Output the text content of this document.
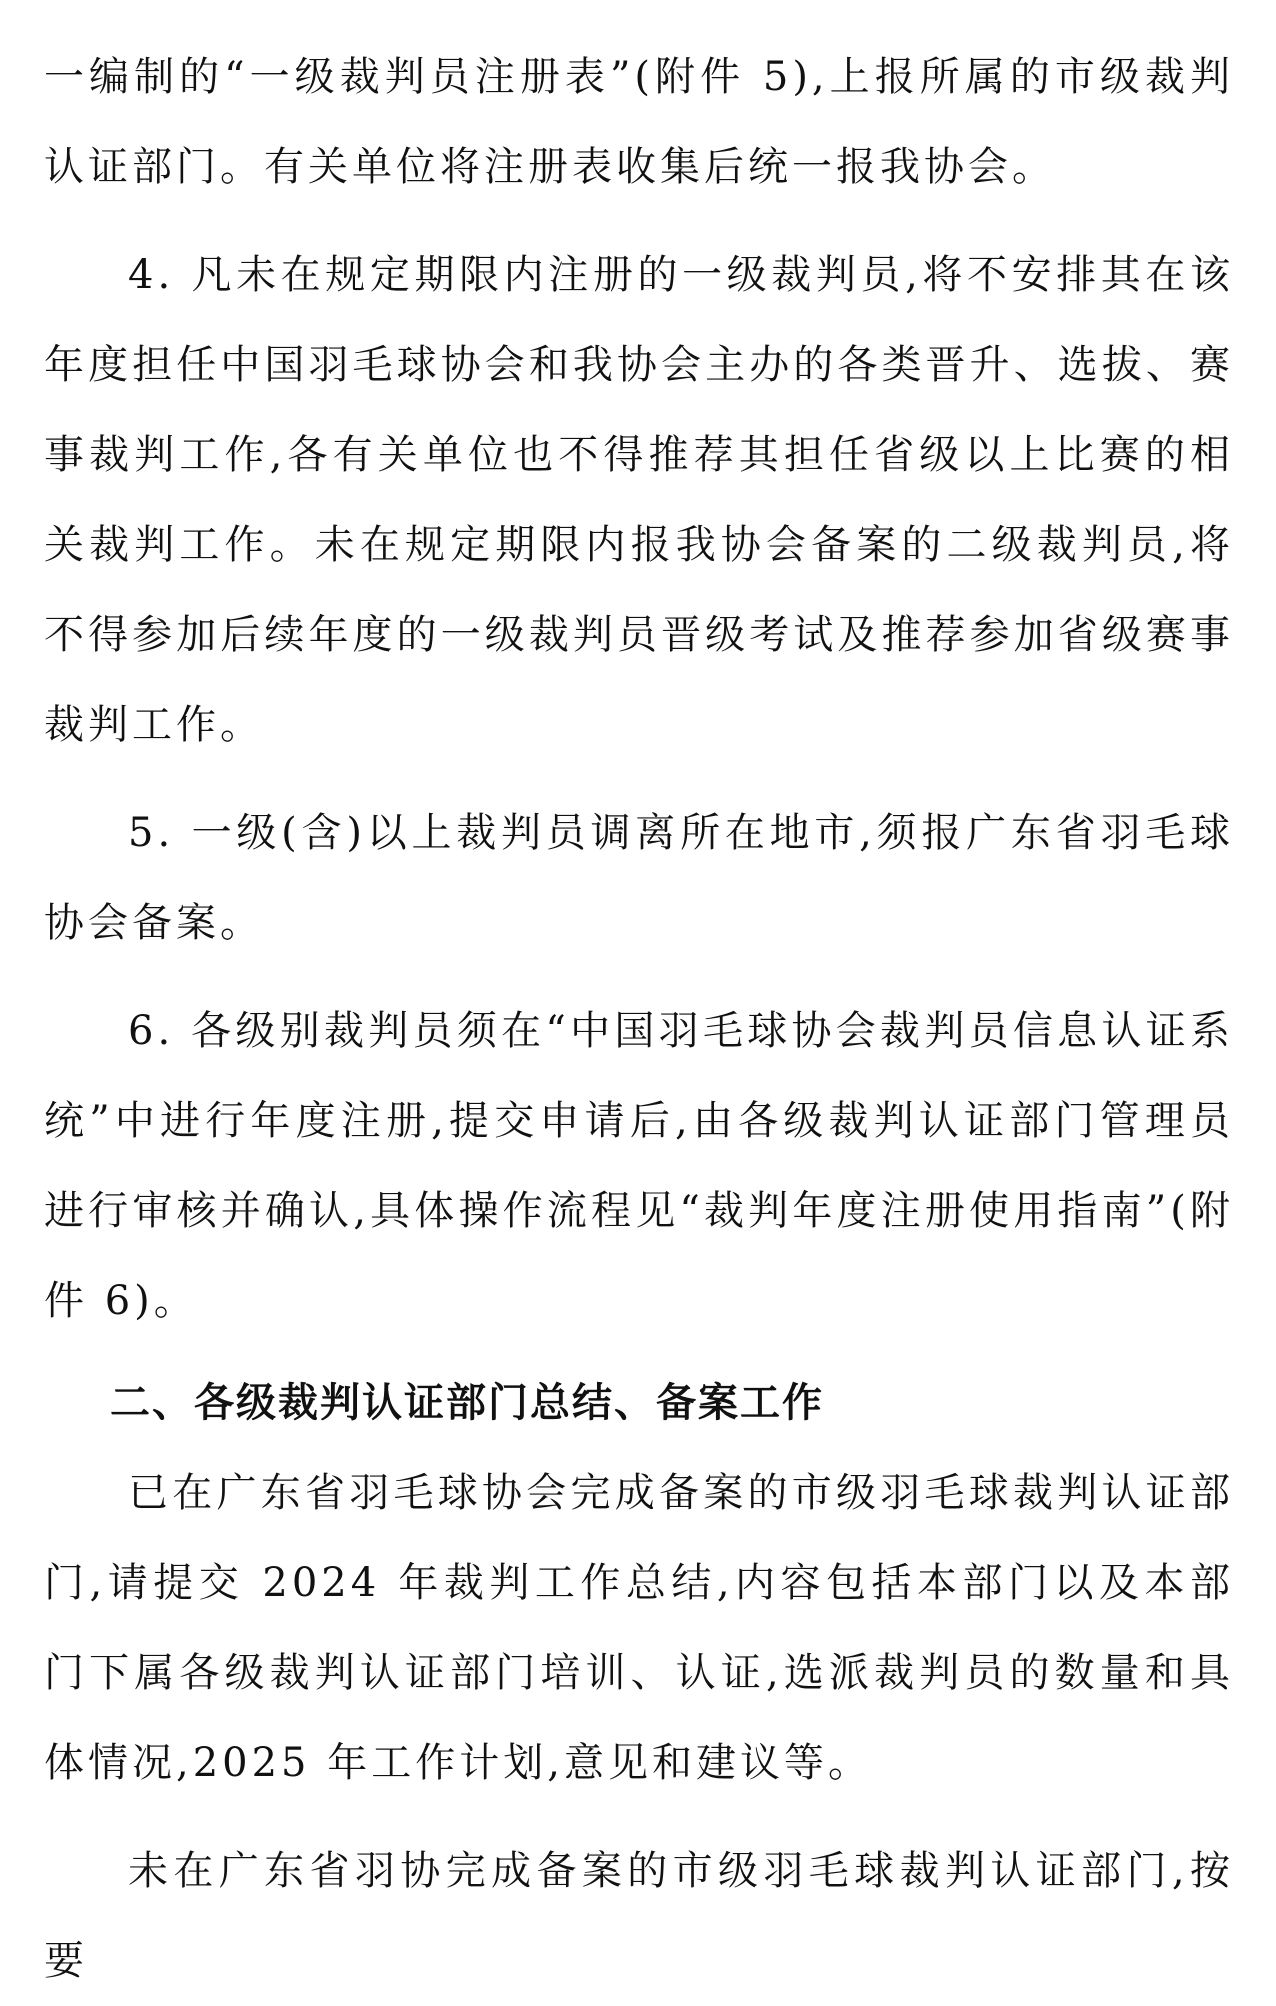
一编制的“一级裁判员注册表”(附件 5),上报所属的市级裁判认证部门。有关单位将注册表收集后统一报我协会。

4. 凡未在规定期限内注册的一级裁判员,将不安排其在该年度担任中国羽毛球协会和我协会主办的各类晋升、选拔、赛事裁判工作,各有关单位也不得推荐其担任省级以上比赛的相关裁判工作。未在规定期限内报我协会备案的二级裁判员,将不得参加后续年度的一级裁判员晋级考试及推荐参加省级赛事裁判工作。

5. 一级(含)以上裁判员调离所在地市,须报广东省羽毛球协会备案。

6. 各级别裁判员须在“中国羽毛球协会裁判员信息认证系统”中进行年度注册,提交申请后,由各级裁判认证部门管理员进行审核并确认,具体操作流程见“裁判年度注册使用指南”(附件 6)。

二、各级裁判认证部门总结、备案工作

已在广东省羽毛球协会完成备案的市级羽毛球裁判认证部门,请提交 2024 年裁判工作总结,内容包括本部门以及本部门下属各级裁判认证部门培训、认证,选派裁判员的数量和具体情况,2025 年工作计划,意见和建议等。

未在广东省羽协完成备案的市级羽毛球裁判认证部门,按要
